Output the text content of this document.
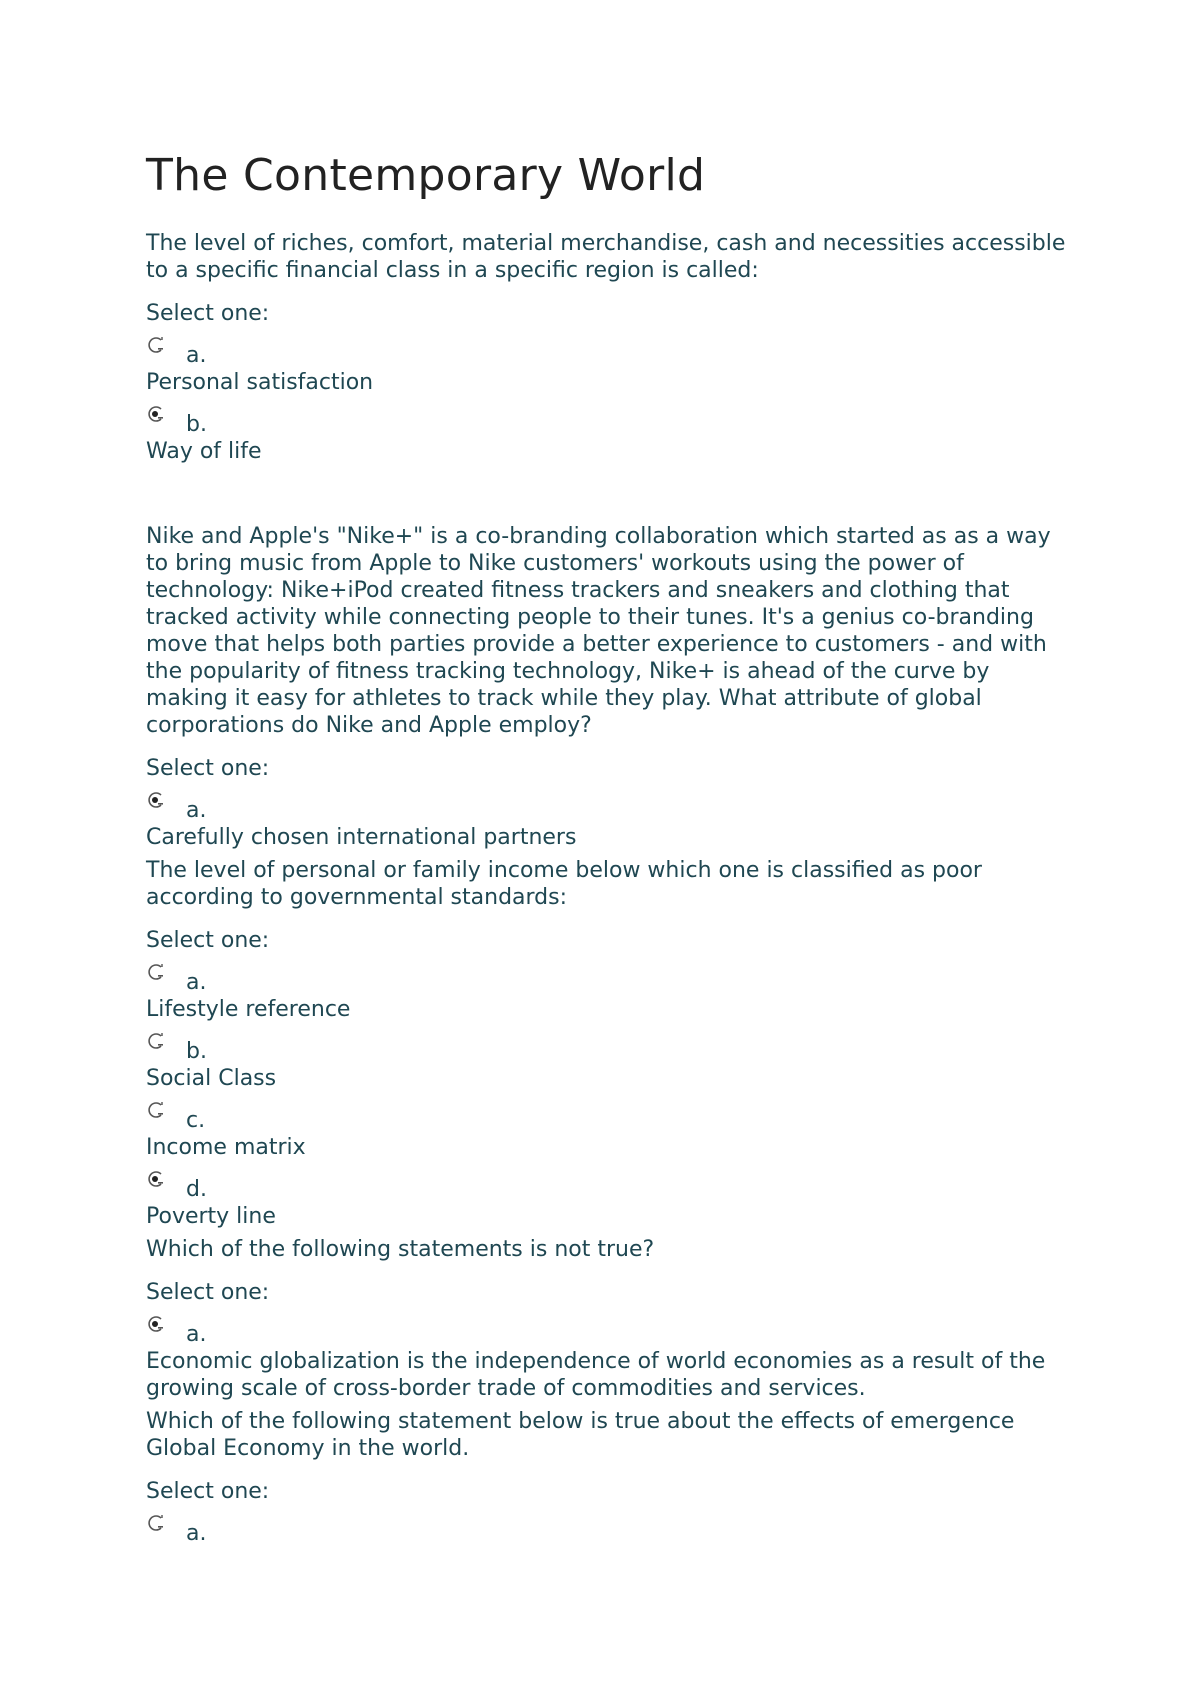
The Contemporary World

The level of riches, comfort, material merchandise, cash and necessities accessible to a specific financial class in a specific region is called:

Select one:
a.
Personal satisfaction
b.
Way of life

Nike and Apple's "Nike+" is a co-branding collaboration which started as as a way to bring music from Apple to Nike customers' workouts using the power of technology: Nike+iPod created fitness trackers and sneakers and clothing that tracked activity while connecting people to their tunes. It's a genius co-branding move that helps both parties provide a better experience to customers - and with the popularity of fitness tracking technology, Nike+ is ahead of the curve by making it easy for athletes to track while they play. What attribute of global corporations do Nike and Apple employ?

Select one:
a.
Carefully chosen international partners

The level of personal or family income below which one is classified as poor according to governmental standards:

Select one:
a.
Lifestyle reference
b.
Social Class
c.
Income matrix
d.
Poverty line

Which of the following statements is not true?

Select one:
a.
Economic globalization is the independence of world economies as a result of the growing scale of cross-border trade of commodities and services.

Which of the following statement below is true about the effects of emergence Global Economy in the world.

Select one:
a.
